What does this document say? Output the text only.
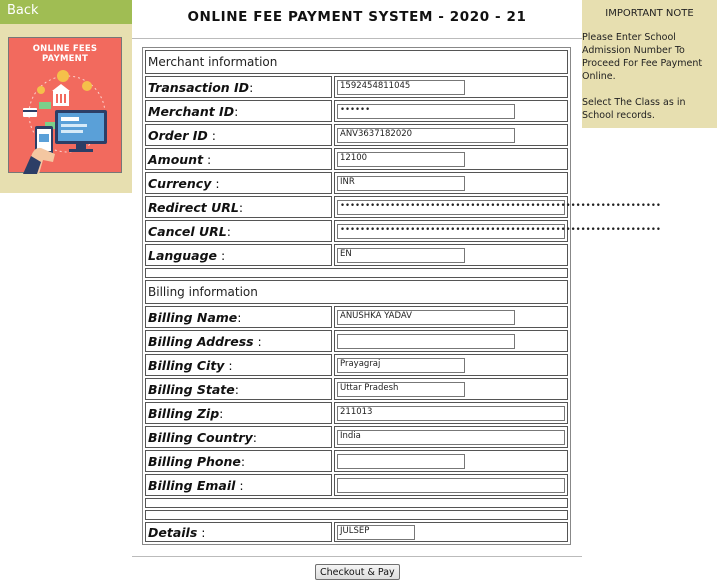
Back
ONLINE FEES PAYMENT
IMPORTANT NOTE

Please Enter School Admission Number To Proceed For Fee Payment Online.

Select The Class as in School records.

ONLINE FEE PAYMENT SYSTEM - 2020 - 21
Merchant information	
Transaction ID:	1592454811045

Merchant ID:	••••••

Order ID :	ANV3637182020

Amount :	12100

Currency :	INR

Redirect URL:	••••••••••••••••••••••••••••••••••••••••••••••••••••••••••••••••

Cancel URL:	••••••••••••••••••••••••••••••••••••••••••••••••••••••••••••••••

Language :	EN

Billing information	
Billing Name:	ANUSHKA YADAV

Billing Address :	

Billing City :	Prayagraj

Billing State:	Uttar Pradesh

Billing Zip:	211013

Billing Country:	India

Billing Phone:	

Billing Email :	

Details :	JULSEP
Checkout & Pay
